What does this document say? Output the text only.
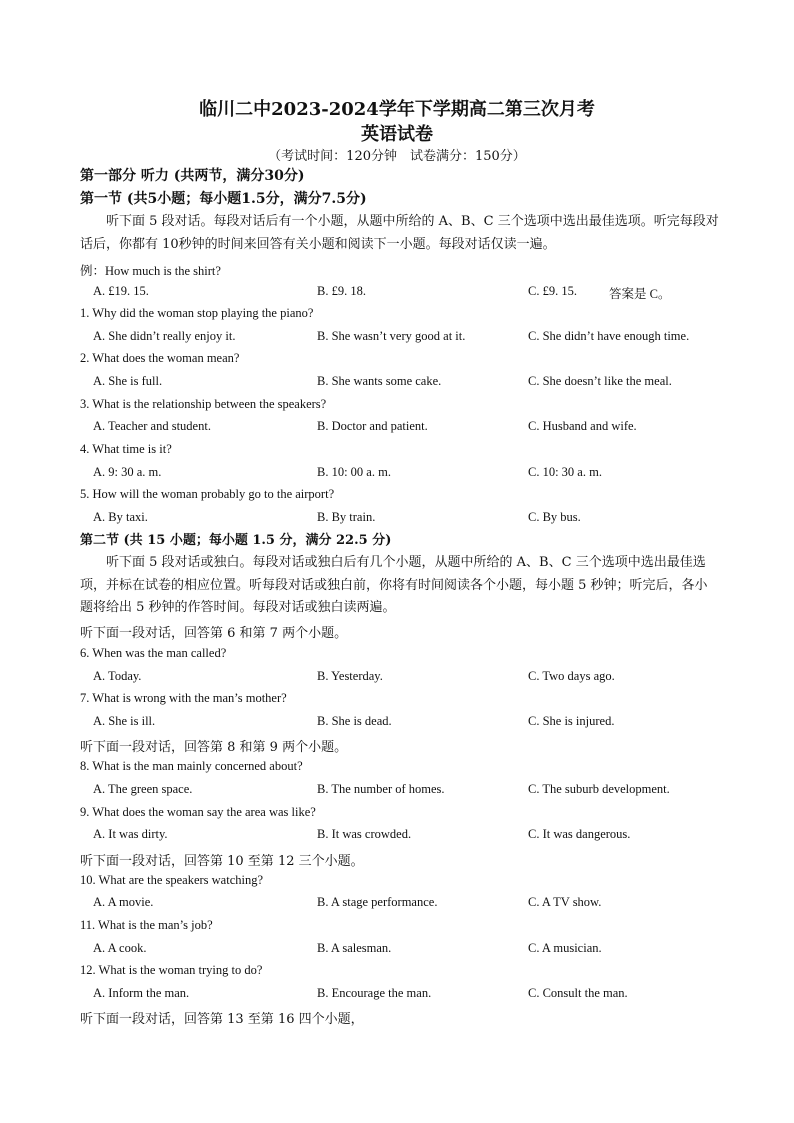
临川二中2023-2024学年下学期高二第三次月考
英语试卷
（考试时间：120分钟　试卷满分：150分）
第一部分 听力 (共两节，满分30分)
第一节 (共5小题；每小题1.5分，满分7.5分)
听下面 5 段对话。每段对话后有一个小题，从题中所给的 A、B、C 三个选项中选出最佳选项。听完每段对话后，你都有 10秒钟的时间来回答有关小题和阅读下一小题。每段对话仅读一遍。
例：How much is the shirt?
A. £19. 15.	B. £9. 18.	C. £9. 15.	答案是 C。
1. Why did the woman stop playing the piano?
A. She didn’t really enjoy it.	B. She wasn’t very good at it.	C. She didn’t have enough time.
2. What does the woman mean?
A. She is full.	B. She wants some cake.	C. She doesn’t like the meal.
3. What is the relationship between the speakers?
A. Teacher and student.	B. Doctor and patient.	C. Husband and wife.
4. What time is it?
A. 9: 30 a. m.	B. 10: 00 a. m.	C. 10: 30 a. m.
5. How will the woman probably go to the airport?
A. By taxi.	B. By train.	C. By bus.
第二节 (共 15 小题；每小题 1.5 分，满分 22.5 分)
听下面 5 段对话或独白。每段对话或独白后有几个小题，从题中所给的 A、B、C 三个选项中选出最佳选项，并标在试卷的相应位置。听每段对话或独白前，你将有时间阅读各个小题，每小题 5 秒钟；听完后，各小题将给出 5 秒钟的作答时间。每段对话或独白读两遍。
听下面一段对话，回答第 6 和第 7 两个小题。
6. When was the man called?
A. Today.	B. Yesterday.	C. Two days ago.
7. What is wrong with the man’s mother?
A. She is ill.	B. She is dead.	C. She is injured.
听下面一段对话，回答第 8 和第 9 两个小题。
8. What is the man mainly concerned about?
A. The green space.	B. The number of homes.	C. The suburb development.
9. What does the woman say the area was like?
A. It was dirty.	B. It was crowded.	C. It was dangerous.
听下面一段对话，回答第 10 至第 12 三个小题。
10. What are the speakers watching?
A. A movie.	B. A stage performance.	C. A TV show.
11. What is the man’s job?
A. A cook.	B. A salesman.	C. A musician.
12. What is the woman trying to do?
A. Inform the man.	B. Encourage the man.	C. Consult the man.
听下面一段对话，回答第 13 至第 16 四个小题，
